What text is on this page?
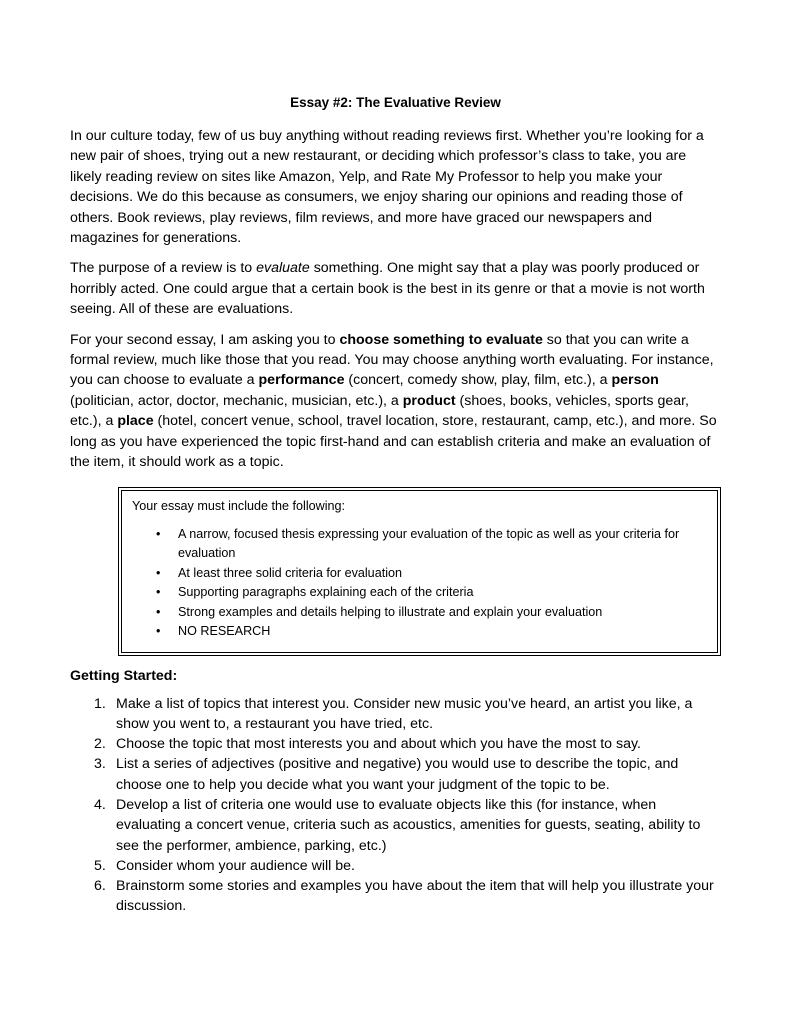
Essay #2: The Evaluative Review

In our culture today, few of us buy anything without reading reviews first. Whether you’re looking for a new pair of shoes, trying out a new restaurant, or deciding which professor’s class to take, you are likely reading review on sites like Amazon, Yelp, and Rate My Professor to help you make your decisions. We do this because as consumers, we enjoy sharing our opinions and reading those of others. Book reviews, play reviews, film reviews, and more have graced our newspapers and magazines for generations.

The purpose of a review is to evaluate something. One might say that a play was poorly produced or horribly acted. One could argue that a certain book is the best in its genre or that a movie is not worth seeing. All of these are evaluations.

For your second essay, I am asking you to choose something to evaluate so that you can write a formal review, much like those that you read. You may choose anything worth evaluating. For instance, you can choose to evaluate a performance (concert, comedy show, play, film, etc.), a person (politician, actor, doctor, mechanic, musician, etc.), a product (shoes, books, vehicles, sports gear, etc.), a place (hotel, concert venue, school, travel location, store, restaurant, camp, etc.), and more. So long as you have experienced the topic first-hand and can establish criteria and make an evaluation of the item, it should work as a topic.

Your essay must include the following:
• A narrow, focused thesis expressing your evaluation of the topic as well as your criteria for evaluation
• At least three solid criteria for evaluation
• Supporting paragraphs explaining each of the criteria
• Strong examples and details helping to illustrate and explain your evaluation
• NO RESEARCH
Getting Started:
1. Make a list of topics that interest you. Consider new music you’ve heard, an artist you like, a show you went to, a restaurant you have tried, etc.
2. Choose the topic that most interests you and about which you have the most to say.
3. List a series of adjectives (positive and negative) you would use to describe the topic, and choose one to help you decide what you want your judgment of the topic to be.
4. Develop a list of criteria one would use to evaluate objects like this (for instance, when evaluating a concert venue, criteria such as acoustics, amenities for guests, seating, ability to see the performer, ambience, parking, etc.)
5. Consider whom your audience will be.
6. Brainstorm some stories and examples you have about the item that will help you illustrate your discussion.
